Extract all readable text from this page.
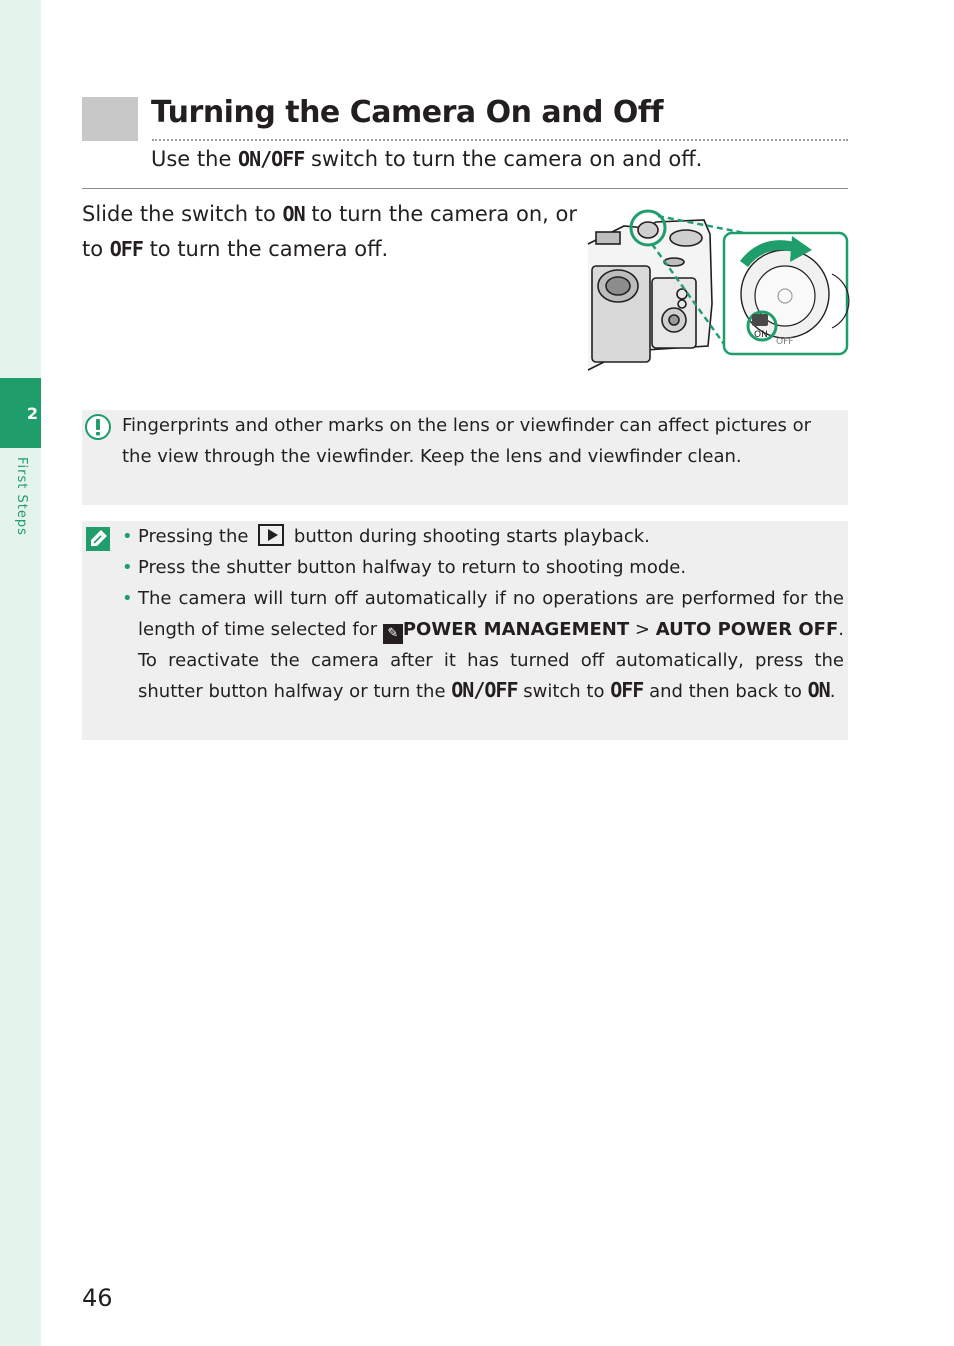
2
First Steps
Turning the Camera On and Off
Use the ON/OFF switch to turn the camera on and off.
Slide the switch to ON to turn the camera on, or to OFF to turn the camera off.
ON
OFF
Fingerprints and other marks on the lens or viewfinder can affect pictures or the view through the viewfinder. Keep the lens and viewfinder clean.
• Pressing the  button during shooting starts playback.
• Press the shutter button halfway to return to shooting mode.
• The camera will turn off automatically if no operations are performed for the length of time selected for ✎ POWER MANAGEMENT > AUTO POWER OFF. To reactivate the camera after it has turned off automatically, press the shutter button halfway or turn the ON/OFF switch to OFF and then back to ON.
46
